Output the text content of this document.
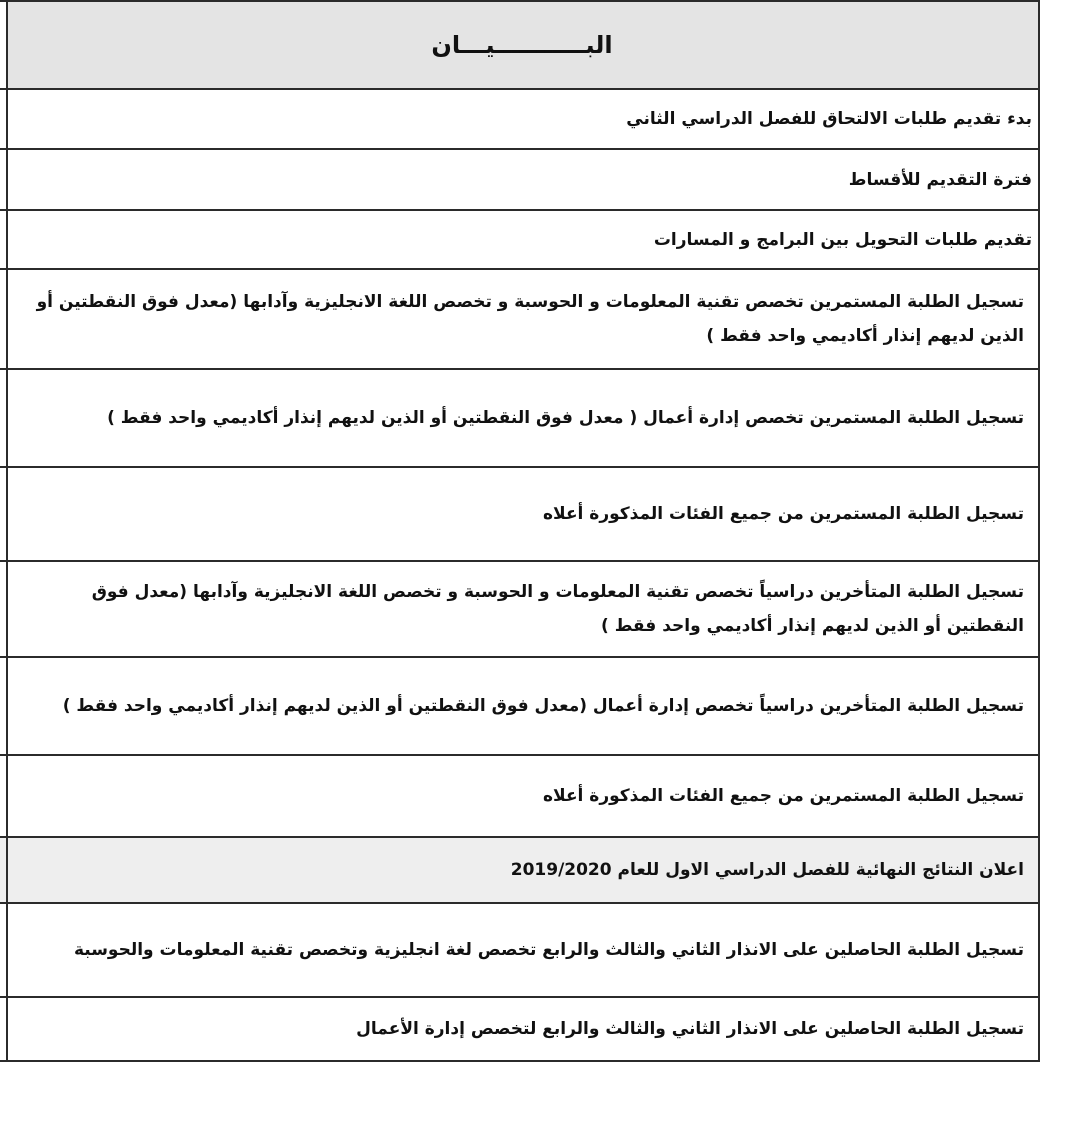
البـــــــــــيـــان	
بدء تقديم طلبات الالتحاق للفصل الدراسي الثاني	
فترة التقديم للأقساط	
تقديم طلبات التحويل بين البرامج و المسارات	
تسجيل الطلبة المستمرين تخصص تقنية المعلومات و الحوسبة و تخصص اللغة الانجليزية وآدابها (معدل فوق النقطتين أو الذين لديهم إنذار أكاديمي واحد فقط )	
تسجيل الطلبة المستمرين تخصص إدارة أعمال ( معدل فوق النقطتين أو الذين لديهم إنذار أكاديمي واحد فقط )	
تسجيل الطلبة المستمرين من جميع الفئات المذكورة أعلاه	
تسجيل الطلبة المتأخرين دراسياً تخصص تقنية المعلومات و الحوسبة و تخصص اللغة الانجليزية وآدابها (معدل فوق النقطتين أو الذين لديهم إنذار أكاديمي واحد فقط )	
تسجيل الطلبة المتأخرين دراسياً تخصص إدارة أعمال (معدل فوق النقطتين أو الذين لديهم إنذار أكاديمي واحد فقط )	
تسجيل الطلبة المستمرين من جميع الفئات المذكورة أعلاه	
اعلان النتائج النهائية للفصل الدراسي الاول للعام 2019/2020	
تسجيل الطلبة الحاصلين على الانذار الثاني والثالث والرابع تخصص لغة انجليزية وتخصص تقنية المعلومات والحوسبة	
تسجيل الطلبة الحاصلين على الانذار الثاني والثالث والرابع لتخصص إدارة الأعمال	
